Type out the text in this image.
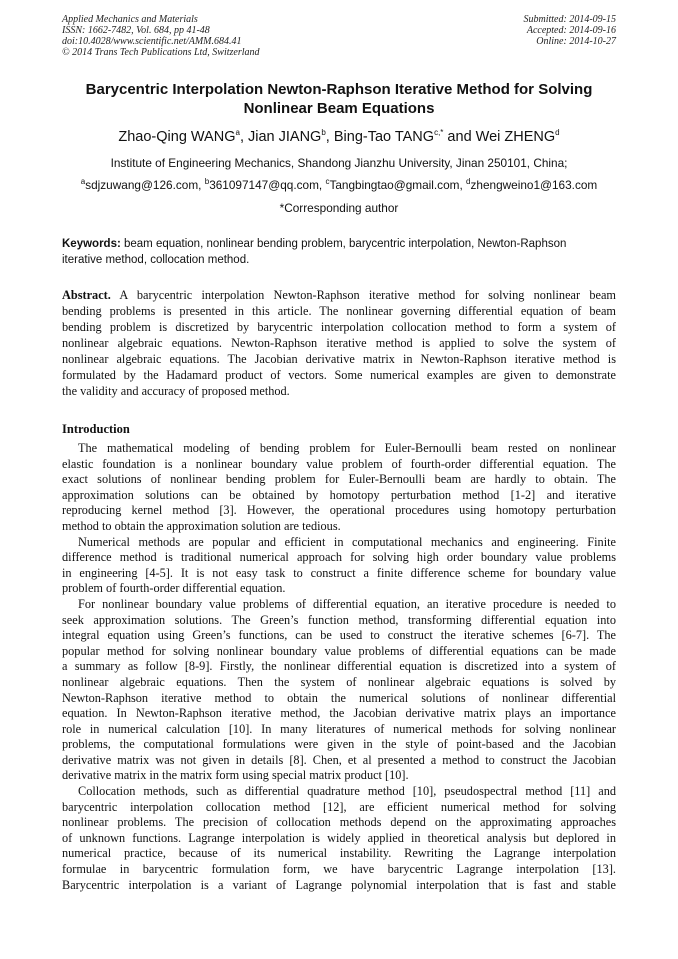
Applied Mechanics and Materials
ISSN: 1662-7482, Vol. 684, pp 41-48
doi:10.4028/www.scientific.net/AMM.684.41
© 2014 Trans Tech Publications Ltd, Switzerland
Submitted: 2014-09-15
Accepted: 2014-09-16
Online: 2014-10-27
Barycentric Interpolation Newton-Raphson Iterative Method for Solving
Nonlinear Beam Equations
Zhao-Qing WANG$^a$, Jian JIANG$^b$, Bing-Tao $TANG^{c,*}$ and Wei ZHENG$^d$
Institute of Engineering Mechanics, Shandong Jianzhu University, Jinan 250101, China;
$^a$sdjzuwang@126.com, $^b$361097147@qq.com, $^c$Tangbingtao@gmail.com, $^d$zhengweino1@163.com
*Corresponding author
Keywords: beam equation, nonlinear bending problem, barycentric interpolation, Newton-Raphson
iterative method, collocation method.
Abstract. A barycentric interpolation Newton-Raphson iterative method for solving nonlinear beam
bending problems is presented in this article. The nonlinear governing differential equation of beam
bending problem is discretized by barycentric interpolation collocation method to form a system of
nonlinear algebraic equations. Newton-Raphson iterative method is applied to solve the system of
nonlinear algebraic equations. The Jacobian derivative matrix in Newton-Raphson iterative method is
formulated by the Hadamard product of vectors. Some numerical examples are given to demonstrate
the validity and accuracy of proposed method.
Introduction
The mathematical modeling of bending problem for Euler-Bernoulli beam rested on nonlinear
elastic foundation is a nonlinear boundary value problem of fourth-order differential equation. The
exact solutions of nonlinear bending problem for Euler-Bernoulli beam are hardly to obtain. The
approximation solutions can be obtained by homotopy perturbation method [1-2] and iterative
reproducing kernel method [3]. However, the operational procedures using homotopy perturbation
method to obtain the approximation solution are tedious.
Numerical methods are popular and efficient in computational mechanics and engineering. Finite
difference method is traditional numerical approach for solving high order boundary value problems
in engineering [4-5]. It is not easy task to construct a finite difference scheme for boundary value
problem of fourth-order differential equation.
For nonlinear boundary value problems of differential equation, an iterative procedure is needed to
seek approximation solutions. The Green’s function method, transforming differential equation into
integral equation using Green’s functions, can be used to construct the iterative schemes [6-7]. The
popular method for solving nonlinear boundary value problems of differential equations can be made
a summary as follow [8-9]. Firstly, the nonlinear differential equation is discretized into a system of
nonlinear algebraic equations. Then the system of nonlinear algebraic equations is solved by
Newton-Raphson iterative method to obtain the numerical solutions of nonlinear differential
equation. In Newton-Raphson iterative method, the Jacobian derivative matrix plays an importance
role in numerical calculation [10]. In many literatures of numerical methods for solving nonlinear
problems, the computational formulations were given in the style of point-based and the Jacobian
derivative matrix was not given in details [8]. Chen, et al presented a method to construct the Jacobian
derivative matrix in the matrix form using special matrix product [10].
Collocation methods, such as differential quadrature method [10], pseudospectral method [11] and
barycentric interpolation collocation method [12], are efficient numerical method for solving
nonlinear problems. The precision of collocation methods depend on the approximating approaches
of unknown functions. Lagrange interpolation is widely applied in theoretical analysis but deplored in
numerical practice, because of its numerical instability. Rewriting the Lagrange interpolation
formulae in barycentric formulation form, we have barycentric Lagrange interpolation [13].
Barycentric interpolation is a variant of Lagrange polynomial interpolation that is fast and stable
